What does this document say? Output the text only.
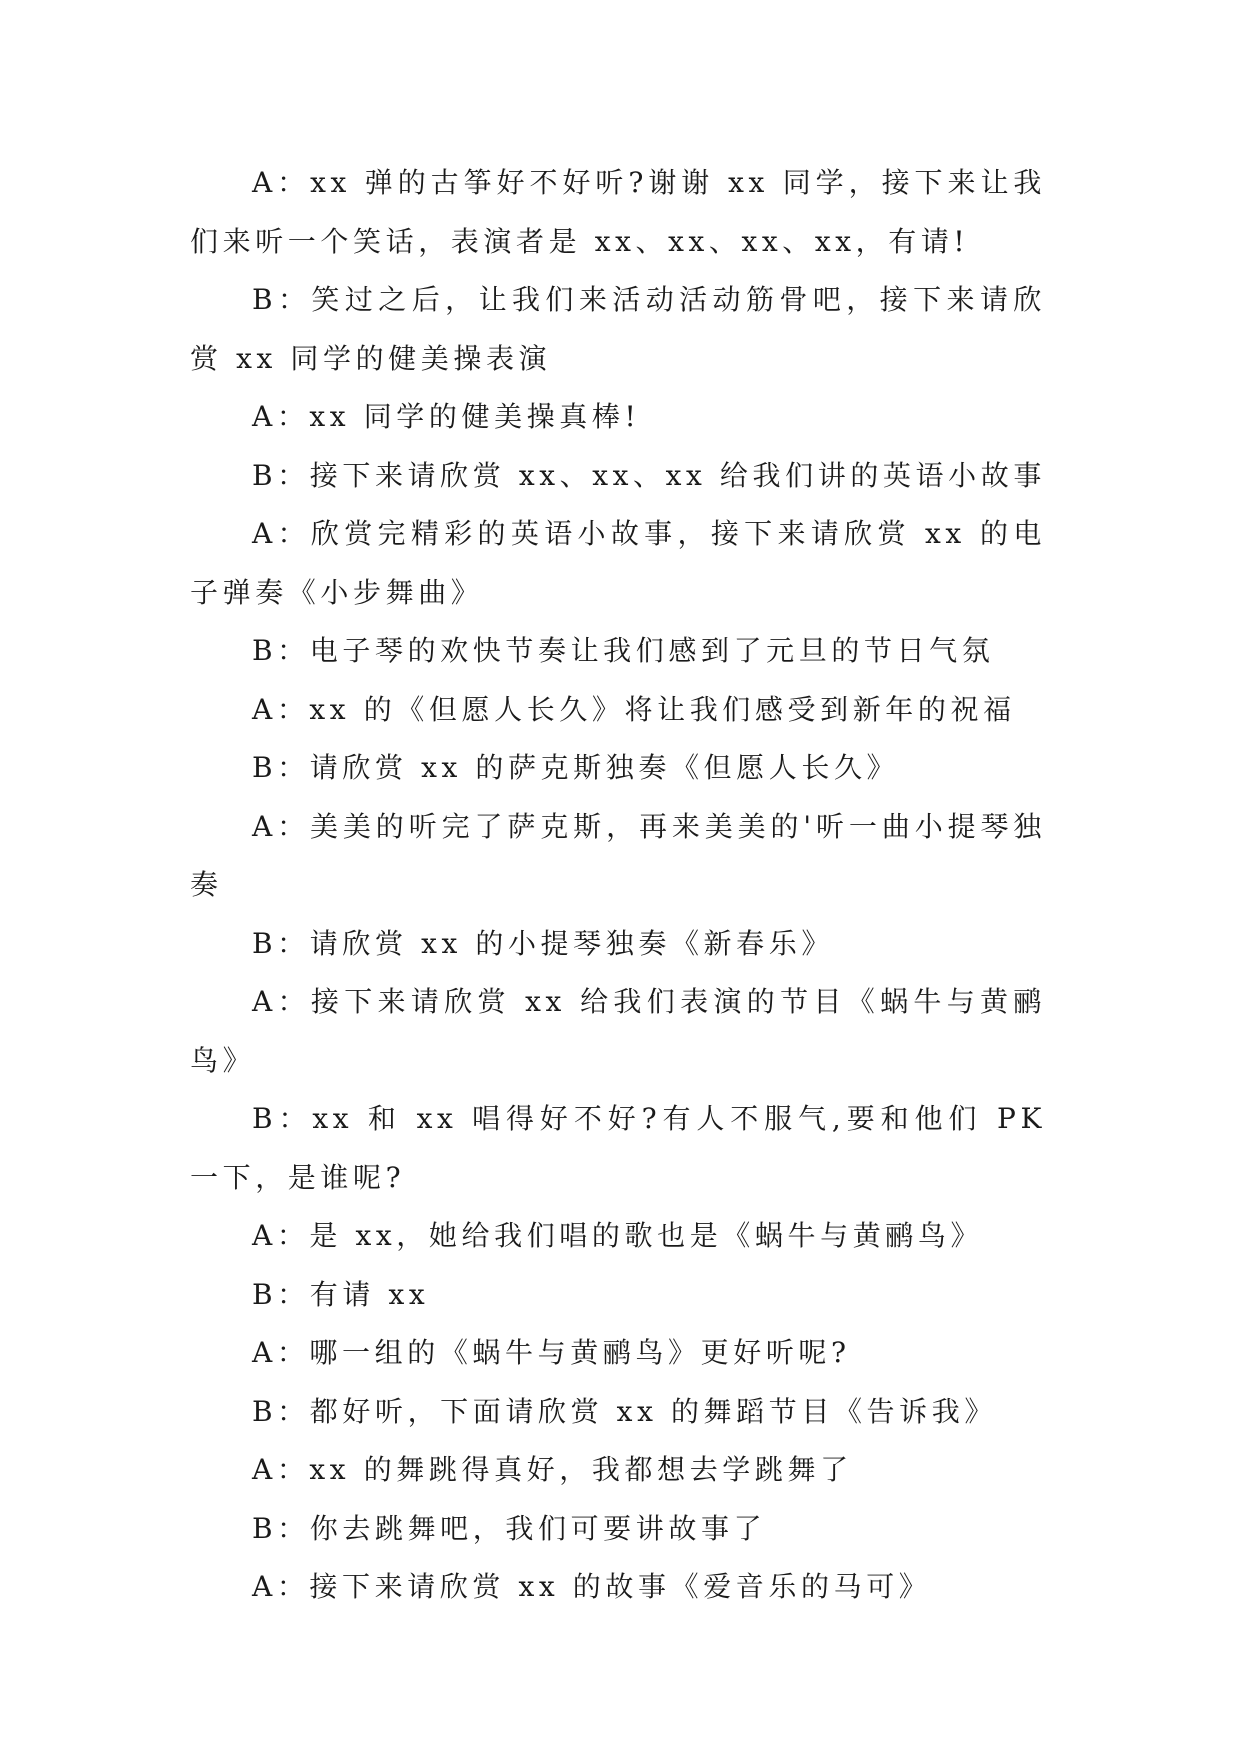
A：xx 弹的古筝好不好听?谢谢 xx 同学，接下来让我们来听一个笑话，表演者是 xx、xx、xx、xx，有请!

B：笑过之后，让我们来活动活动筋骨吧，接下来请欣赏 xx 同学的健美操表演

A：xx 同学的健美操真棒!

B：接下来请欣赏 xx、xx、xx 给我们讲的英语小故事

A：欣赏完精彩的英语小故事，接下来请欣赏 xx 的电子弹奏《小步舞曲》

B：电子琴的欢快节奏让我们感到了元旦的节日气氛

A：xx 的《但愿人长久》将让我们感受到新年的祝福

B：请欣赏 xx 的萨克斯独奏《但愿人长久》

A：美美的听完了萨克斯，再来美美的'听一曲小提琴独奏

B：请欣赏 xx 的小提琴独奏《新春乐》

A：接下来请欣赏 xx 给我们表演的节目《蜗牛与黄鹂鸟》

B：xx 和 xx 唱得好不好?有人不服气,要和他们 PK 一下，是谁呢?

A：是 xx，她给我们唱的歌也是《蜗牛与黄鹂鸟》

B：有请 xx

A：哪一组的《蜗牛与黄鹂鸟》更好听呢?

B：都好听，下面请欣赏 xx 的舞蹈节目《告诉我》

A：xx 的舞跳得真好，我都想去学跳舞了

B：你去跳舞吧，我们可要讲故事了

A：接下来请欣赏 xx 的故事《爱音乐的马可》
